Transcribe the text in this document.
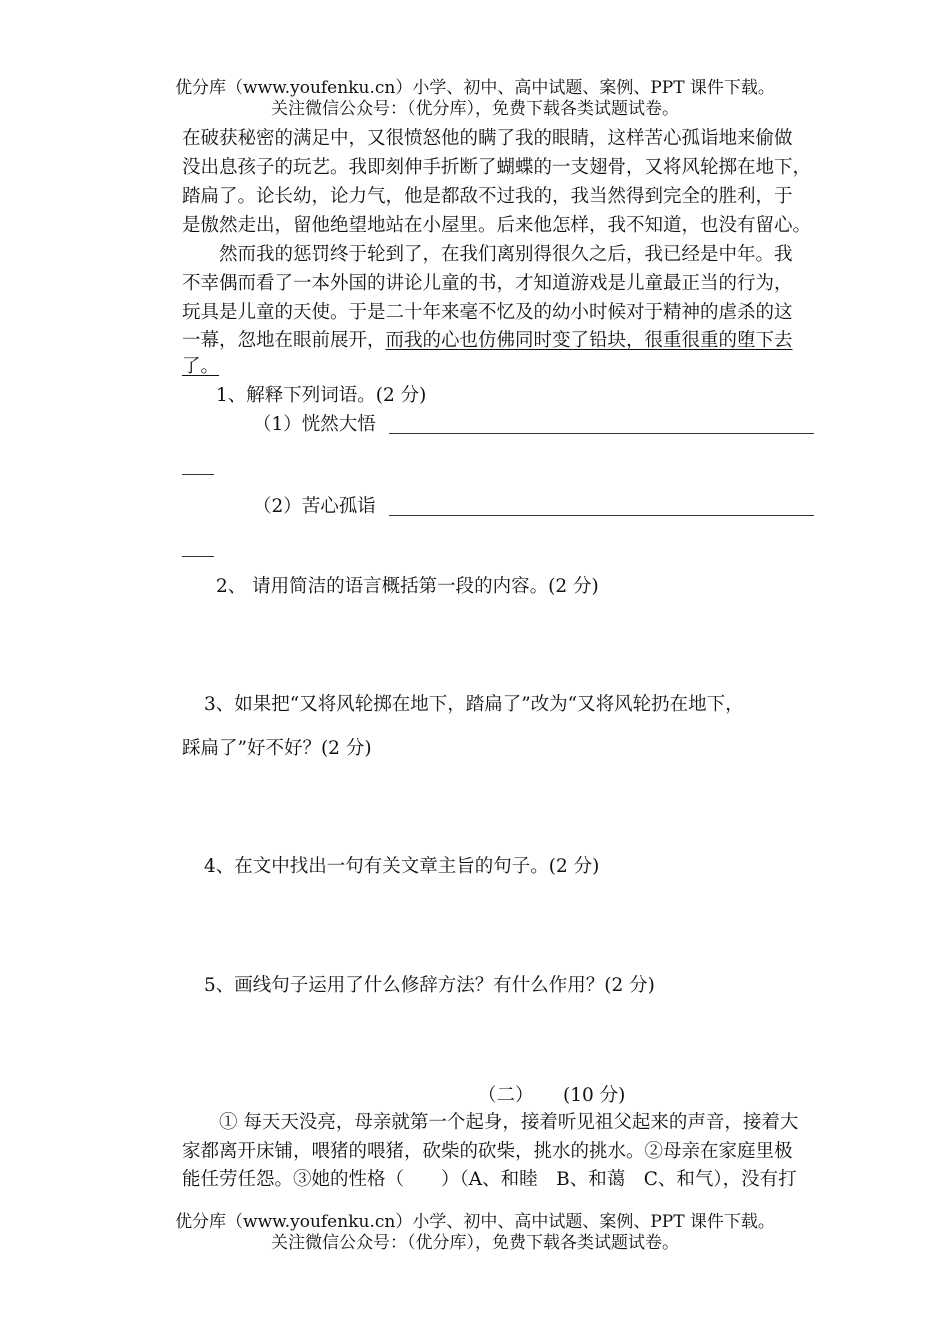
优分库（www.youfenku.cn）小学、初中、高中试题、案例、PPT 课件下载。
关注微信公众号：（优分库），免费下载各类试题试卷。
在破获秘密的满足中，又很愤怒他的瞒了我的眼睛，这样苦心孤诣地来偷做
没出息孩子的玩艺。我即刻伸手折断了蝴蝶的一支翅骨，又将风轮掷在地下，
踏扁了。论长幼，论力气，他是都敌不过我的，我当然得到完全的胜利，于
是傲然走出，留他绝望地站在小屋里。后来他怎样，我不知道，也没有留心。
然而我的惩罚终于轮到了，在我们离别得很久之后，我已经是中年。我
不幸偶而看了一本外国的讲论儿童的书，才知道游戏是儿童最正当的行为，
玩具是儿童的天使。于是二十年来毫不忆及的幼小时候对于精神的虐杀的这
一幕，忽地在眼前展开，而我的心也仿佛同时变了铅块，很重很重的堕下去
了。
1、解释下列词语。(2 分)
（1）恍然大悟
（2）苦心孤诣
2、 请用简洁的语言概括第一段的内容。(2 分)
3、如果把“又将风轮掷在地下，踏扁了”改为“又将风轮扔在地下，
踩扁了”好不好？(2 分)
4、在文中找出一句有关文章主旨的句子。(2 分)
5、画线句子运用了什么修辞方法？有什么作用？(2 分)
（二） (10 分)
① 每天天没亮，母亲就第一个起身，接着听见祖父起来的声音，接着大
家都离开床铺，喂猪的喂猪，砍柴的砍柴，挑水的挑水。②母亲在家庭里极
能任劳任怨。③她的性格（　　）（A、和睦　B、和蔼　C、和气），没有打
优分库（www.youfenku.cn）小学、初中、高中试题、案例、PPT 课件下载。
关注微信公众号：（优分库），免费下载各类试题试卷。
